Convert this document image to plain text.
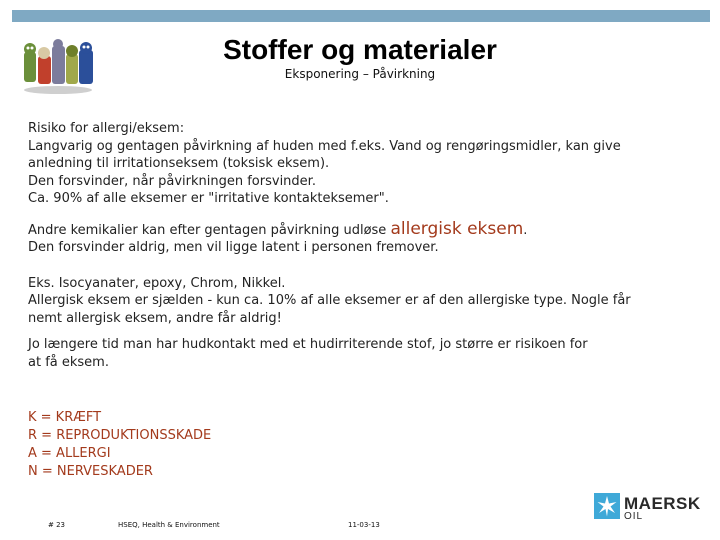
Stoffer og materialer
Eksponering – Påvirkning

Risiko for allergi/eksem:

Langvarig og gentagen påvirkning af huden med f.eks. Vand og rengøringsmidler, kan give

anledning til irritationseksem (toksisk eksem).

Den forsvinder, når påvirkningen forsvinder.

Ca. 90% af alle eksemer er "irritative kontakteksemer".

Andre kemikalier kan efter gentagen påvirkning udløse allergisk eksem.

Den forsvinder aldrig, men vil ligge latent i personen fremover.

Eks. Isocyanater, epoxy, Chrom, Nikkel.

Allergisk eksem er sjælden - kun ca. 10% af alle eksemer er af den allergiske type. Nogle får

nemt allergisk eksem, andre får aldrig!

Jo længere tid man har hudkontakt med et hudirriterende stof, jo større er risikoen for

at få eksem.

K = KRÆFT

R = REPRODUKTIONSSKADE

A = ALLERGI

N = NERVESKADER

# 23	HSEQ, Health & Environment	11-03-13
MAERSK
OIL
